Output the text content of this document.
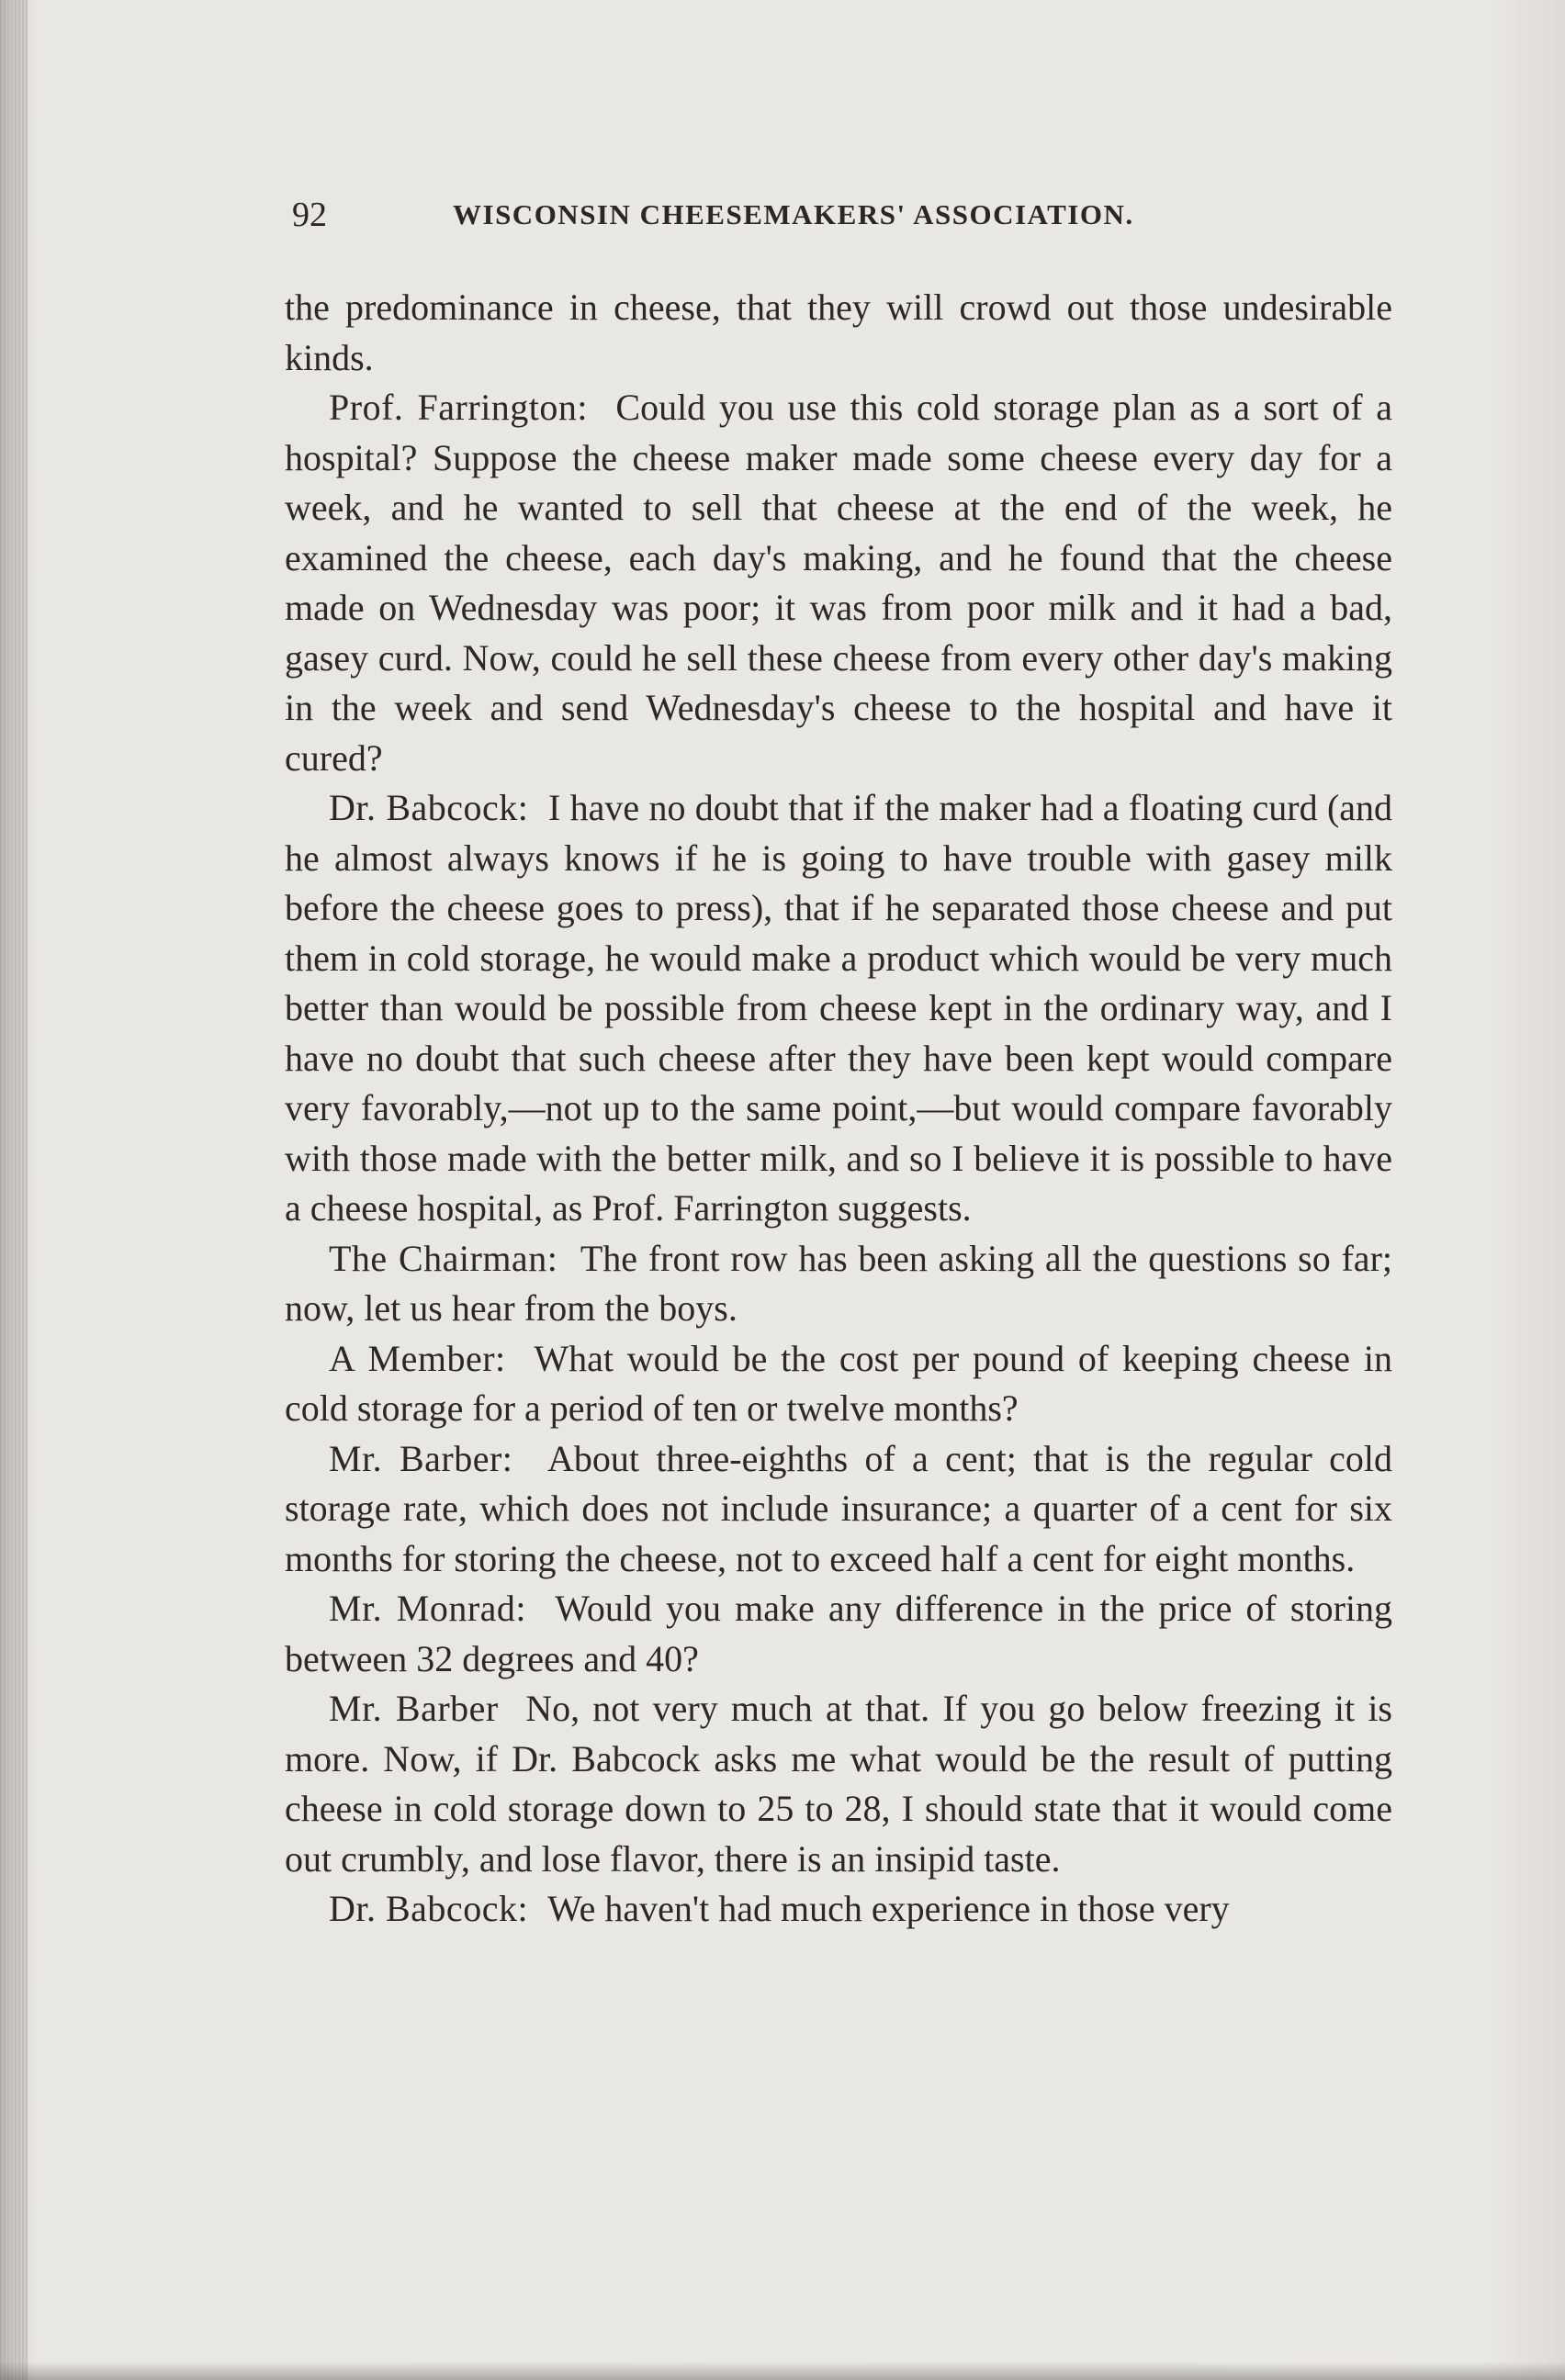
92	WISCONSIN CHEESEMAKERS' ASSOCIATION.

the predominance in cheese, that they will crowd out those undesirable kinds.

Prof. Farrington: Could you use this cold storage plan as a sort of a hospital? Suppose the cheese maker made some cheese every day for a week, and he wanted to sell that cheese at the end of the week, he examined the cheese, each day's making, and he found that the cheese made on Wednesday was poor; it was from poor milk and it had a bad, gasey curd. Now, could he sell these cheese from every other day's making in the week and send Wednesday's cheese to the hospital and have it cured?

Dr. Babcock: I have no doubt that if the maker had a floating curd (and he almost always knows if he is going to have trouble with gasey milk before the cheese goes to press), that if he separated those cheese and put them in cold storage, he would make a product which would be very much better than would be possible from cheese kept in the ordinary way, and I have no doubt that such cheese after they have been kept would compare very favorably,—not up to the same point,—but would compare favorably with those made with the better milk, and so I believe it is possible to have a cheese hospital, as Prof. Farrington suggests.

The Chairman: The front row has been asking all the questions so far; now, let us hear from the boys.

A Member: What would be the cost per pound of keeping cheese in cold storage for a period of ten or twelve months?

Mr. Barber: About three-eighths of a cent; that is the regular cold storage rate, which does not include insurance; a quarter of a cent for six months for storing the cheese, not to exceed half a cent for eight months.

Mr. Monrad: Would you make any difference in the price of storing between 32 degrees and 40?

Mr. Barber No, not very much at that. If you go below freezing it is more. Now, if Dr. Babcock asks me what would be the result of putting cheese in cold storage down to 25 to 28, I should state that it would come out crumbly, and lose flavor, there is an insipid taste.

Dr. Babcock: We haven't had much experience in those very
